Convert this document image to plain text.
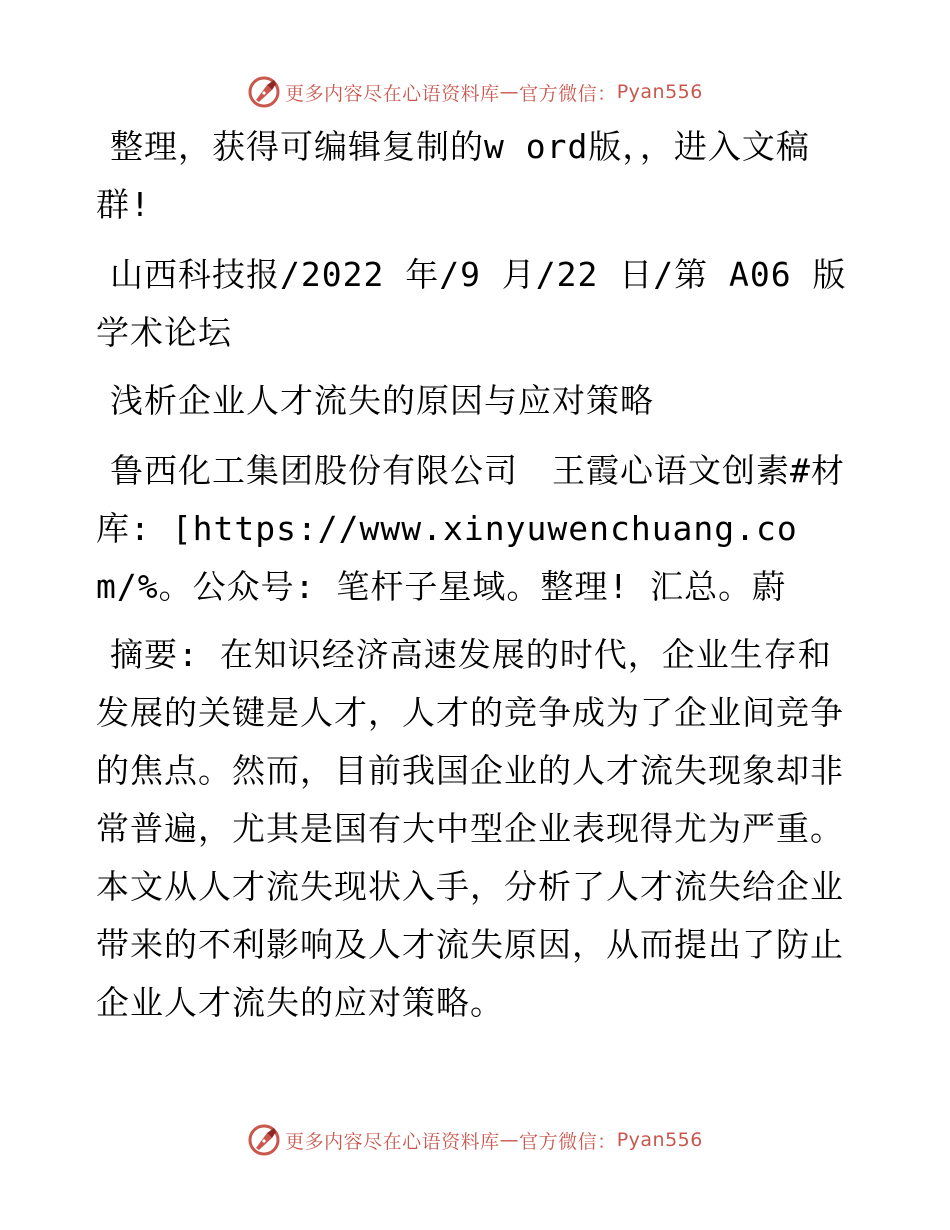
更多内容尽在心语资料库 — 官方微信： Pyan556

整理，获得可编辑复制的w ord版，，进入文稿群!

山西科技报/2022 年/9 月/22 日/第 A06 版学术论坛

浅析企业人才流失的原因与应对策略

鲁西化工集团股份有限公司　王霞心语文创素#材库: [https://www.xinyuwenchuang.com/%。公众号: 笔杆子星域。整理! 汇总。蔚

摘要: 在知识经济高速发展的时代，企业生存和发展的关键是人才，人才的竞争成为了企业间竞争的焦点。然而，目前我国企业的人才流失现象却非常普遍，尤其是国有大中型企业表现得尤为严重。本文从人才流失现状入手，分析了人才流失给企业带来的不利影响及人才流失原因，从而提出了防止企业人才流失的应对策略。

更多内容尽在心语资料库 — 官方微信： Pyan556
